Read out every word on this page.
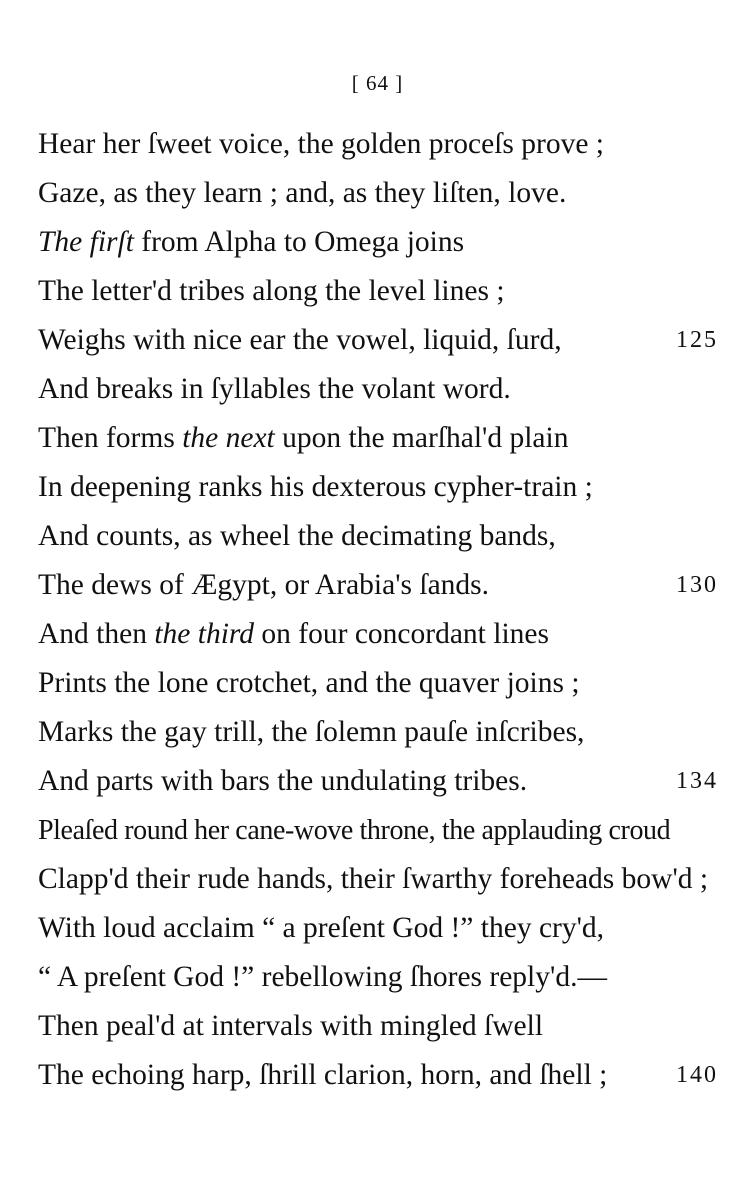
[ 64 ]
Hear her ſweet voice, the golden proceſs prove ;
Gaze, as they learn ; and, as they liſten, love.
The firſt from Alpha to Omega joins
The letter'd tribes along the level lines ;
Weighs with nice ear the vowel, liquid, ſurd,	125
And breaks in ſyllables the volant word.
Then forms the next upon the marſhal'd plain
In deepening ranks his dexterous cypher-train ;
And counts, as wheel the decimating bands,
The dews of Ægypt, or Arabia's ſands.	130
And then the third on four concordant lines
Prints the lone crotchet, and the quaver joins ;
Marks the gay trill, the ſolemn pauſe inſcribes,
And parts with bars the undulating tribes.	134
Pleaſed round her cane-wove throne, the applauding croud
Clapp'd their rude hands, their ſwarthy foreheads bow'd ;
With loud acclaim “ a preſent God !” they cry'd,
“ A preſent God !” rebellowing ſhores reply'd.—
Then peal'd at intervals with mingled ſwell
The echoing harp, ſhrill clarion, horn, and ſhell ;	140
